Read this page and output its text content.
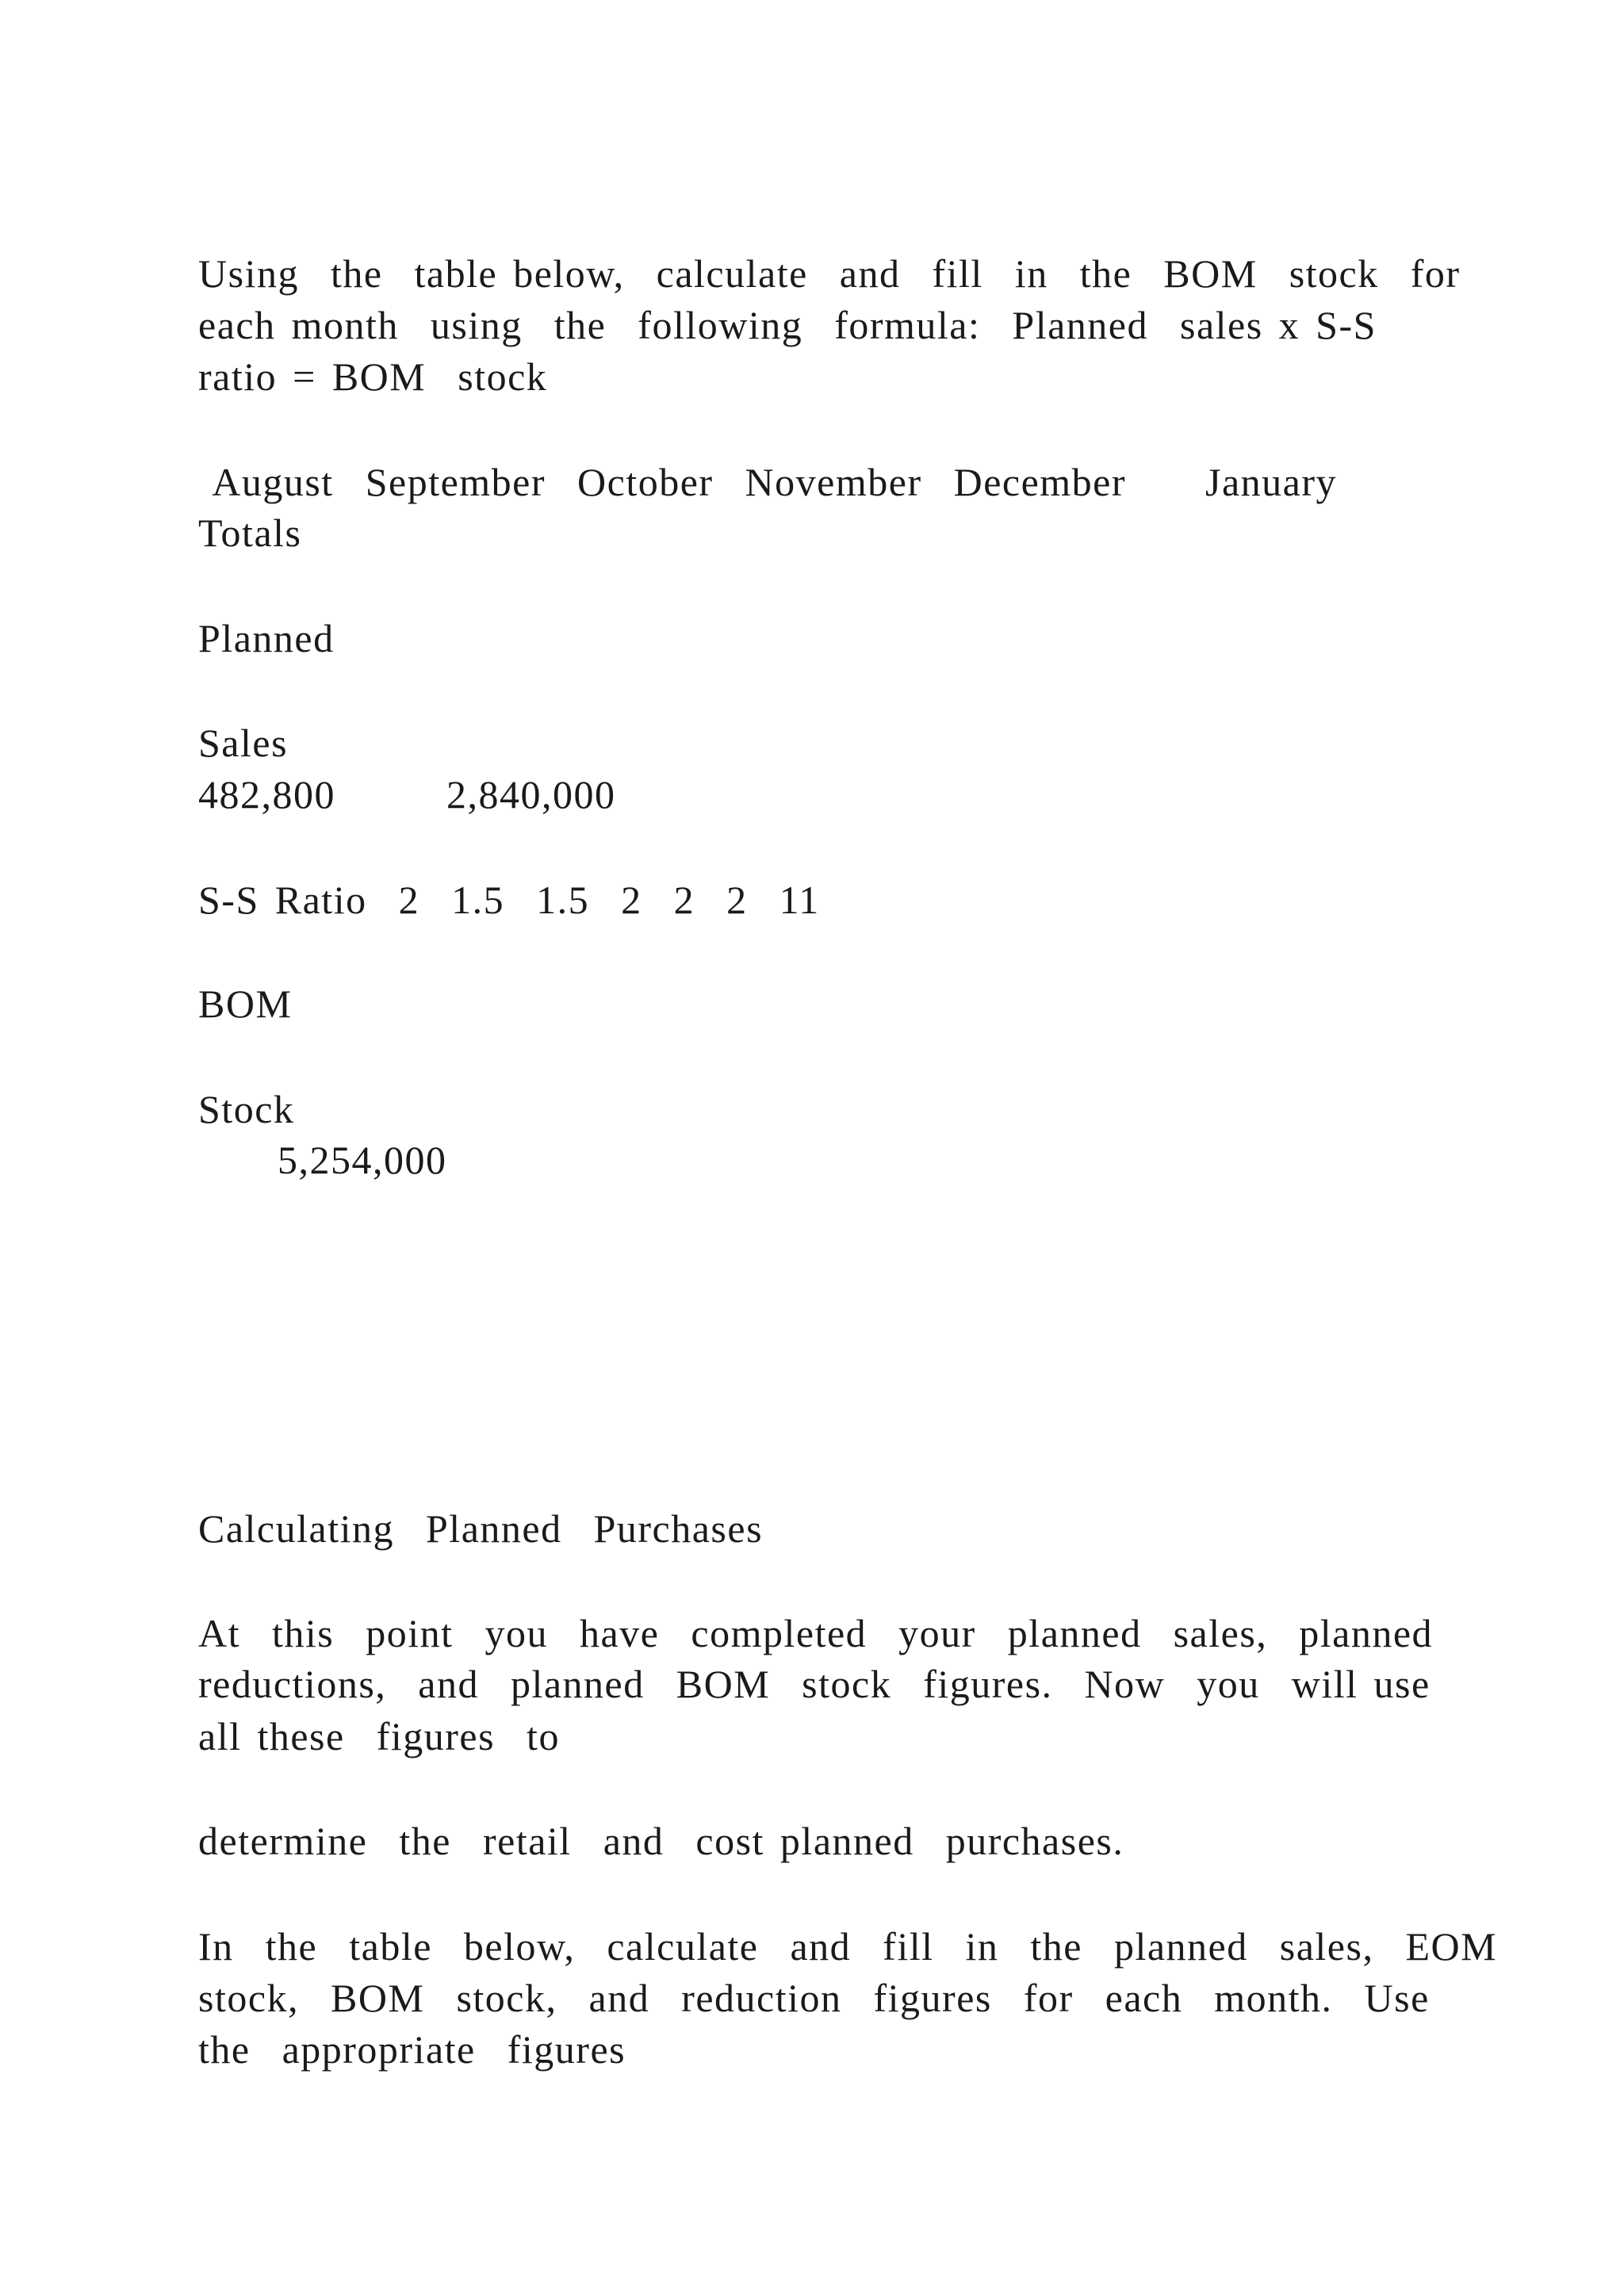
Using  the  table below,  calculate  and  fill  in  the  BOM  stock  for
each month  using  the  following  formula:  Planned  sales x S-S
ratio = BOM  stock
August  September  October  November  December     January
Totals
Planned
Sales
482,800       2,840,000
S-S Ratio  2  1.5  1.5  2  2  2  11
BOM
Stock
5,254,000
Calculating  Planned  Purchases
At  this  point  you  have  completed  your  planned  sales,  planned
reductions,  and  planned  BOM  stock  figures.  Now  you  will use
all these  figures  to
determine  the  retail  and  cost planned  purchases.
In  the  table  below,  calculate  and  fill  in  the  planned  sales,  EOM
stock,  BOM  stock,  and  reduction  figures  for  each  month.  Use
the  appropriate  figures
